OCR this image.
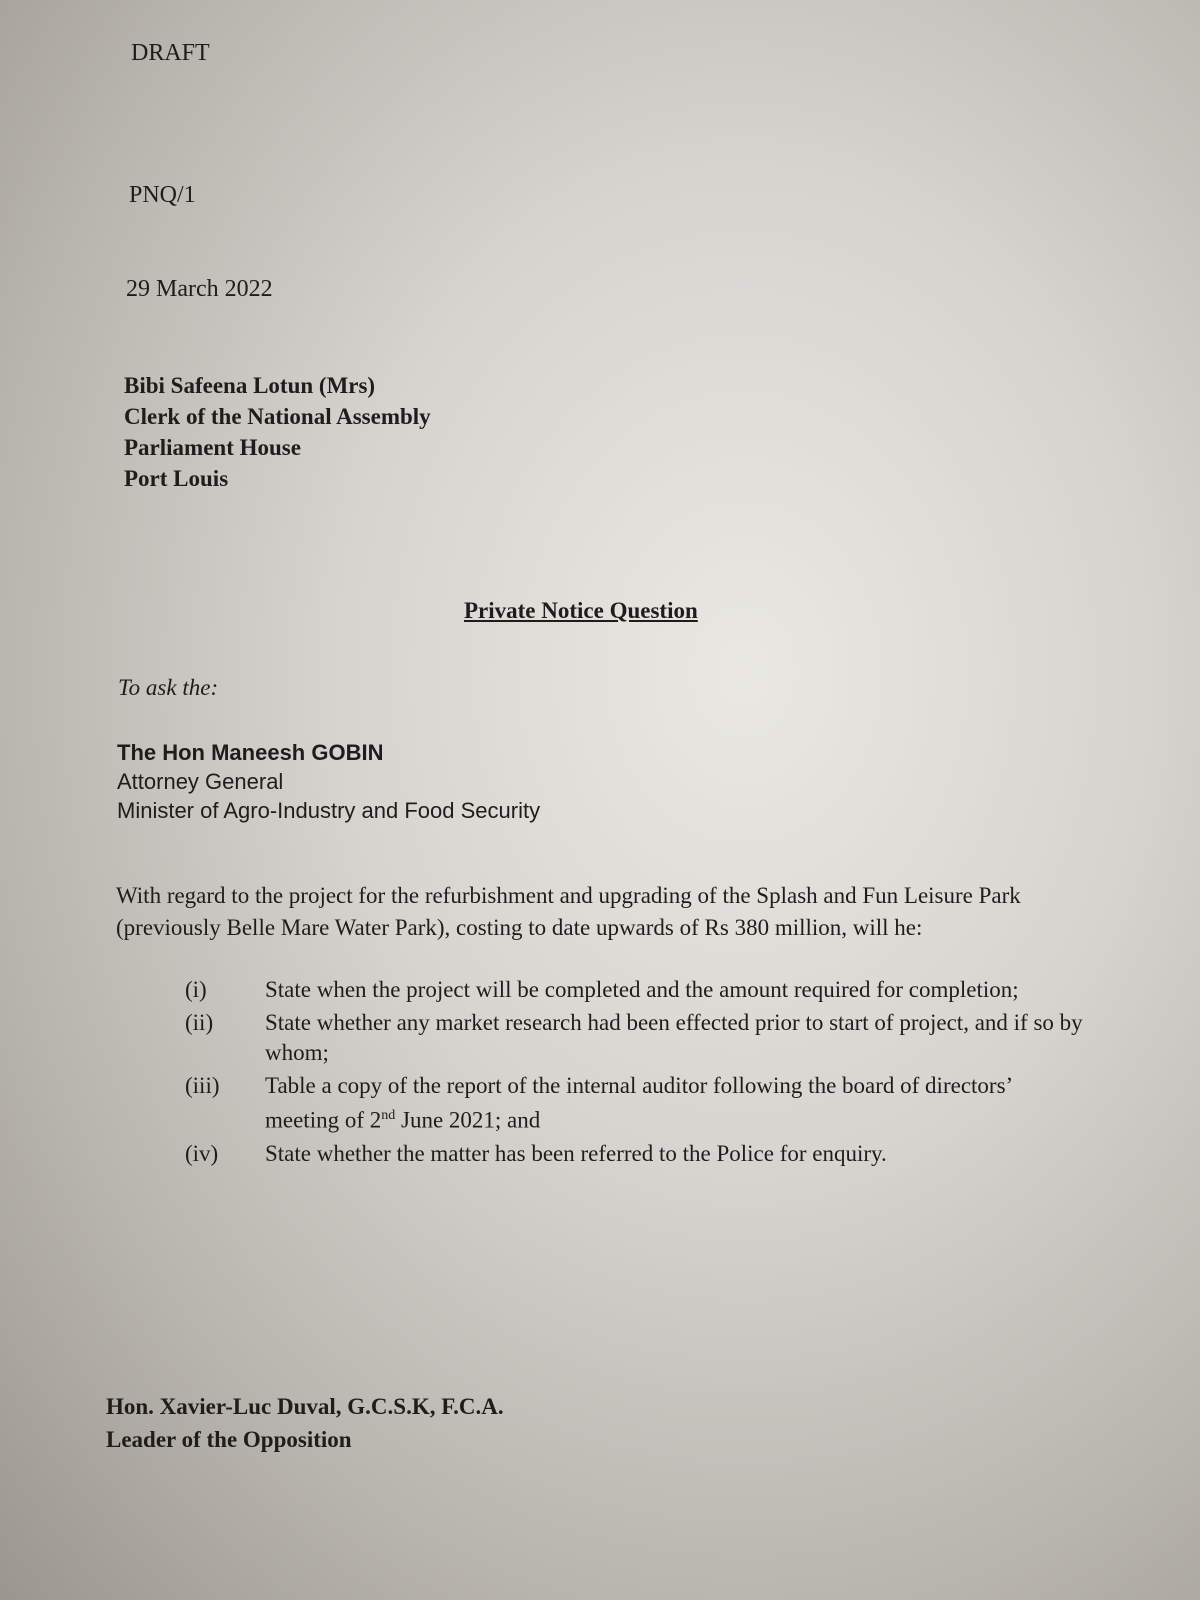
DRAFT
PNQ/1
29 March 2022
Bibi Safeena Lotun (Mrs)
Clerk of the National Assembly
Parliament House
Port Louis
Private Notice Question
To ask the:
The Hon Maneesh GOBIN
Attorney General
Minister of Agro-Industry and Food Security
With regard to the project for the refurbishment and upgrading of the Splash and Fun Leisure Park (previously Belle Mare Water Park), costing to date upwards of Rs 380 million, will he:
(i)	State when the project will be completed and the amount required for completion;
(ii)	State whether any market research had been effected prior to start of project, and if so by whom;
(iii)	Table a copy of the report of the internal auditor following the board of directors’ meeting of 2nd June 2021; and
(iv)	State whether the matter has been referred to the Police for enquiry.
Hon. Xavier-Luc Duval, G.C.S.K, F.C.A.
Leader of the Opposition
